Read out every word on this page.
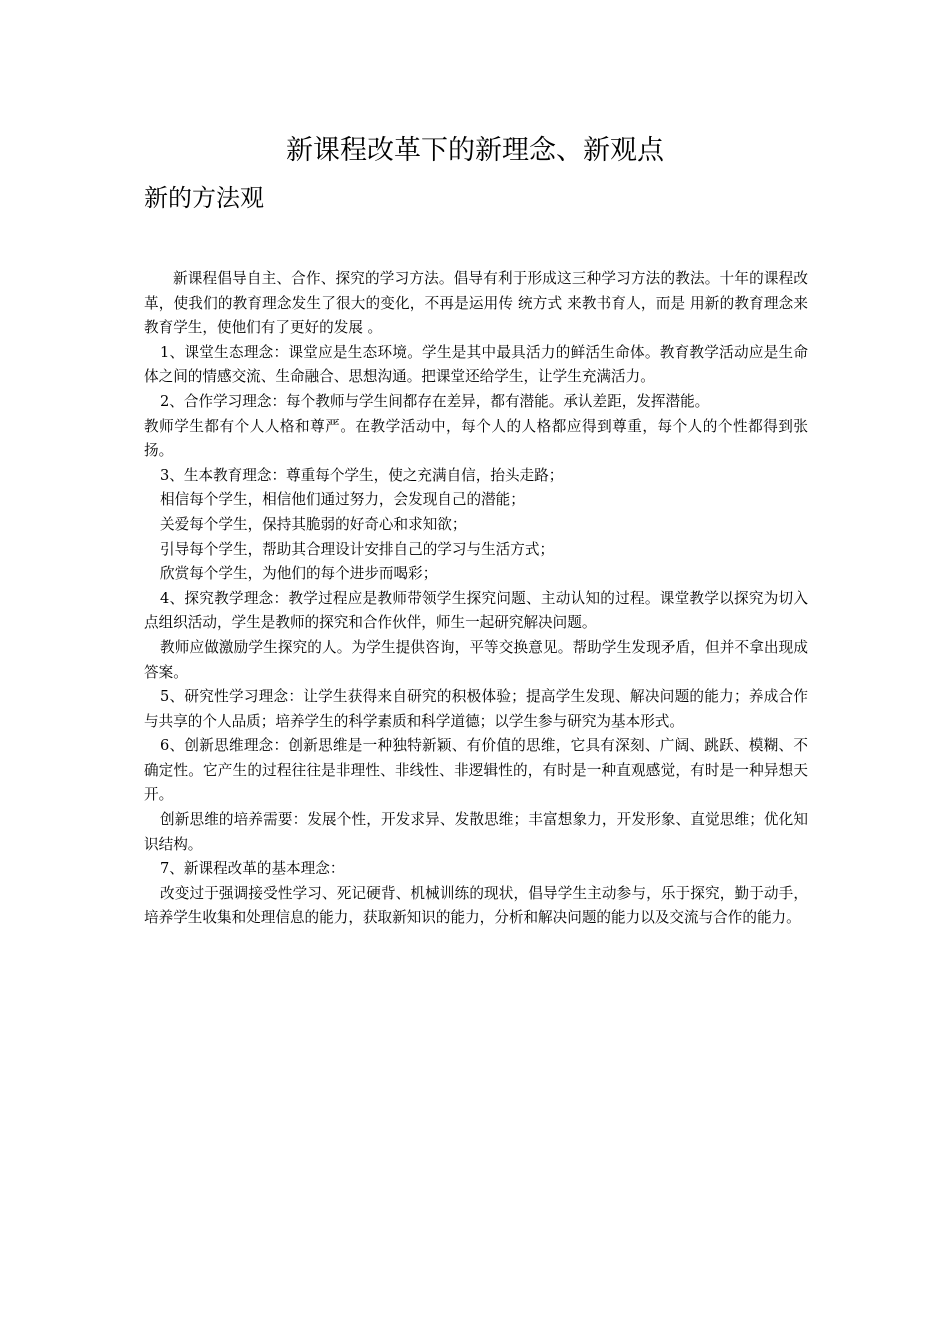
新课程改革下的新理念、新观点
新的方法观

新课程倡导自主、合作、探究的学习方法。倡导有利于形成这三种学习方法的教法。十年的课程改革，使我们的教育理念发生了很大的变化，不再是运用传 统方式 来教书育人，而是 用新的教育理念来教育学生，使他们有了更好的发展 。

1、课堂生态理念：课堂应是生态环境。学生是其中最具活力的鲜活生命体。教育教学活动应是生命体之间的情感交流、生命融合、思想沟通。把课堂还给学生，让学生充满活力。

2、合作学习理念：每个教师与学生间都存在差异，都有潜能。承认差距，发挥潜能。

教师学生都有个人人格和尊严。在教学活动中，每个人的人格都应得到尊重，每个人的个性都得到张扬。

3、生本教育理念：尊重每个学生，使之充满自信，抬头走路；

相信每个学生，相信他们通过努力，会发现自己的潜能；

关爱每个学生，保持其脆弱的好奇心和求知欲；

引导每个学生，帮助其合理设计安排自己的学习与生活方式；

欣赏每个学生，为他们的每个进步而喝彩；

4、探究教学理念：教学过程应是教师带领学生探究问题、主动认知的过程。课堂教学以探究为切入点组织活动，学生是教师的探究和合作伙伴，师生一起研究解决问题。

教师应做激励学生探究的人。为学生提供咨询，平等交换意见。帮助学生发现矛盾，但并不拿出现成答案。

5、研究性学习理念：让学生获得来自研究的积极体验；提高学生发现、解决问题的能力；养成合作与共享的个人品质；培养学生的科学素质和科学道德；以学生参与研究为基本形式。

6、创新思维理念：创新思维是一种独特新颖、有价值的思维，它具有深刻、广阔、跳跃、模糊、不确定性。它产生的过程往往是非理性、非线性、非逻辑性的，有时是一种直观感觉，有时是一种异想天开。

创新思维的培养需要：发展个性，开发求异、发散思维；丰富想象力，开发形象、直觉思维；优化知识结构。

7、新课程改革的基本理念：

改变过于强调接受性学习、死记硬背、机械训练的现状，倡导学生主动参与，乐于探究，勤于动手，培养学生收集和处理信息的能力，获取新知识的能力，分析和解决问题的能力以及交流与合作的能力。
